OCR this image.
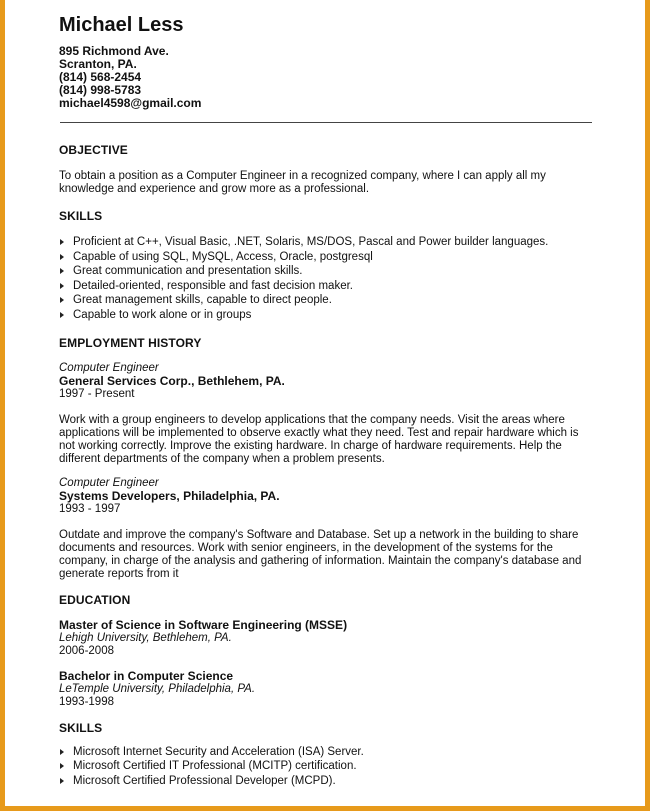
Michael Less
895 Richmond Ave.
Scranton, PA.
(814) 568-2454
(814) 998-5783
michael4598@gmail.com
OBJECTIVE

To obtain a position as a Computer Engineer in a recognized company, where I can apply all my knowledge and experience and grow more as a professional.

SKILLS
Proficient at C++, Visual Basic, .NET, Solaris, MS/DOS, Pascal and Power builder languages.
Capable of using SQL, MySQL, Access, Oracle, postgresql
Great communication and presentation skills.
Detailed-oriented, responsible and fast decision maker.
Great management skills, capable to direct people.
Capable to work alone or in groups
EMPLOYMENT HISTORY
Computer Engineer
General Services Corp., Bethlehem, PA.
1997 - Present

Work with a group engineers to develop applications that the company needs. Visit the areas where applications will be implemented to observe exactly what they need. Test and repair hardware which is not working correctly. Improve the existing hardware. In charge of hardware requirements. Help the different departments of the company when a problem presents.

Computer Engineer
Systems Developers, Philadelphia, PA.
1993 - 1997

Outdate and improve the company's Software and Database. Set up a network in the building to share documents and resources. Work with senior engineers, in the development of the systems for the company, in charge of the analysis and gathering of information. Maintain the company's database and generate reports from it

EDUCATION
Master of Science in Software Engineering (MSSE)
Lehigh University, Bethlehem, PA.
2006-2008
Bachelor in Computer Science
LeTemple University, Philadelphia, PA.
1993-1998
SKILLS
Microsoft Internet Security and Acceleration (ISA) Server.
Microsoft Certified IT Professional (MCITP) certification.
Microsoft Certified Professional Developer (MCPD).
